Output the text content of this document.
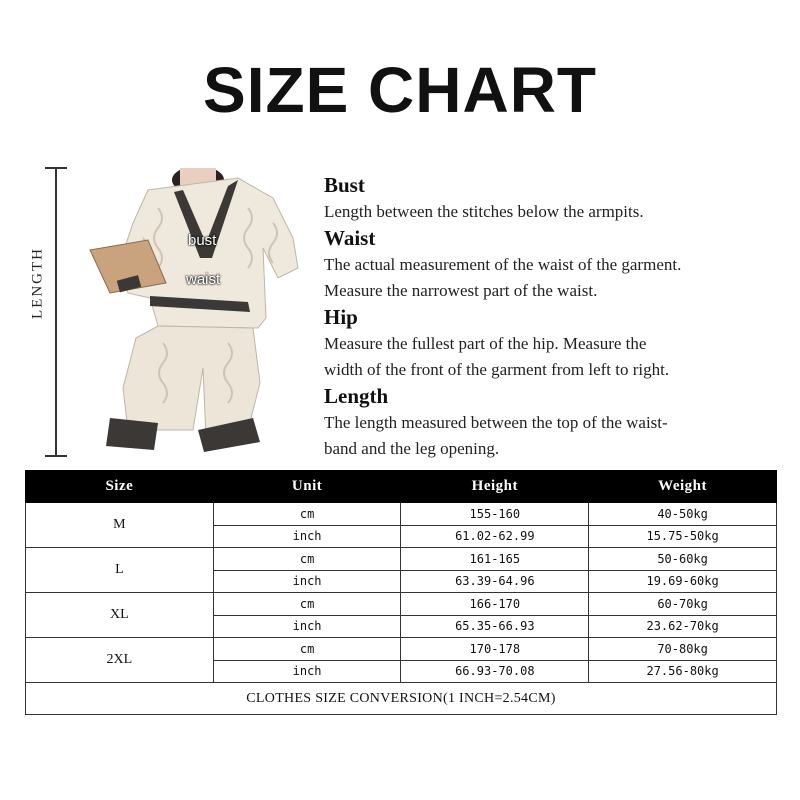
SIZE CHART
LENGTH
bust
waist
Bust
Length between the stitches below the armpits.
Waist
The actual measurement of the waist of the garment.
Measure the narrowest part of the waist.
Hip
Measure the fullest part of the hip. Measure the
width of the front of the garment from left to right.
Length
The length measured between the top of the waist-
band and the leg opening.
Size	Unit	Height	Weight
M	cm	155-160	40-50kg
	inch	61.02-62.99	15.75-50kg
L	cm	161-165	50-60kg
	inch	63.39-64.96	19.69-60kg
XL	cm	166-170	60-70kg
	inch	65.35-66.93	23.62-70kg
2XL	cm	170-178	70-80kg
	inch	66.93-70.08	27.56-80kg
CLOTHES SIZE CONVERSION(1 INCH=2.54CM)			
